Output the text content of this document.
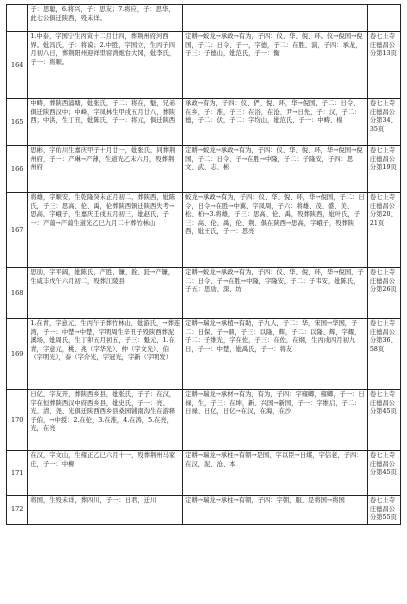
	子：思聪，6.将兴，子：思友；7.将应，子：思华，此七公俱迁陕西，殁未详。		
164	1.中泰，字国宁生丙寅十二月廿四，葬荆州府河西界。妣冯氏，子：将谟；2.中胜，字国立，生丙子四月初八日，葬荆阳州迎祥里窑湾炮台大冈，妣李氏，子一：将顺。	定耕→蛟龙→承政→有为，子四：仪、华、倪、环。仪→倪国→倪国，子二：日令、子一，字德，子二：在胜、演，子四：承龙，子三：子德山，妣范氏，子一：衡	卷七上寺庄德昌公分第13页
165	中畴，葬陕西浦塘，妣张氏，子二：将在，魁，兄弟俱迁陕西汉中；中峰，字凤林生甲戌五月廿八，葬陕西；中洪，生丁丑，妣陈氏，子一：将元，俱迁陕西	承政→有为，子四：仪、俨、倪、环，华→倪国，子二：日令、在乡，子：淮，子三：在浴，在沧、尹→日先，子：汉，子二：德，子二：伏，子二：字均山，妣范氏，子一：中畴、棉	卷七上寺庄德昌公分第34、35页
166	思彬，字佑川生嘉庆甲子十月廿一，妣张氏，同葬荆州府，子一：产琳→产薄，生道光乙未六月，殁葬荆州府	定耕→蛟龙→承政→有为，子四：仪、华、倪、环，华→倪国→倪国，子二：日令、子→在胜→中隆，子二：子隆安，子四：思文、武、志、彬	卷七上寺庄德昌公分第19页
167	将雄，字顺安，生乾隆癸未正月初二，葬陕西，妣陈氏，子三：思高、伦、禹，伦葬陕西镇迁陕西失考→思高，字峨子，生嘉庆壬戌五月初三，妣赵氏，子一：产蔼→产蔼生道光乙巳九月二十葬竹林山	蛟龙→承政→有为，子四：仪、华、倪、环，华→倪国，子二：日令，日令→在胜→中翼，字凤周，子六：将雄、茂、盛、美、松、柏→3.将雄，子三：思高、伦、禹，殁葬陕西，妣叶氏，子三：高、伦、禹，伦、荆、俱在陕西→思高，字峨子，殁葬陕西，妣王氏，子一：思亮	卷七上寺庄德昌公分第20、21页
168	思劢，字平阔，妣陈氏，产胜、镰、銓、鈓→产镰，生咸丰戊午六月初二，殁葬江陵县	定耕→蛟龙→承政→有为，子四：仪、华、倪、环，华→倪国，子二：日令、子→在胜→中隆，字隆安，子二：子韦安，妣陈氏，子五：思劢、深、坊	卷七上寺庄德昌公分第26页
169	1.在青，字意元，生丙午子葬竹林山，妣游氏，→葬连湾，子一：中楚→中楚，字明周生辛丑子殁陕西葬泥溪场，妣周氏，生丁卯五月初五，子三：魁元，1.在青，字意元，桃、兆（字华光）、仲（字文光）、伯（字明光），泰（字介光，字冠光，字新（字明发）	定耕→瑞龙→承植→有助，子九人，子二：华，宋国→华国，子二：日保、子→鼎，子三：以隆、辉，子二：以隆、辉，字耀，子二：子维光，字在佐，子三：在佐，在纲，生丙戌四月初九日，子一：中楚，妣禹氏，子一：将友	卷七上寺庄德昌公分第36、58页
170	日亿，字友开，葬陕西乡县，妣张氏，子子：在汉，字在恒葬陕西汉中府西乡县，妣史氏，子一：亮、光、清、尧、光俱迁陕西西乡县桑园铺南沟生在游释子伯，→中授：2.在伦，3.在淮，4.在涛，5.在亮，光，在亮	定耕→瑞龙→承材→有为，有为，子四：字雍卿，雍卿，子一：日禄，生，子三：在坤，新、兴国→新国，子一：字维启，子二：日禄、日亿，日亿→在汉，在海，在沙	卷七上寺庄德昌公分第45页
171	在汉，字文山，生雍正乙巳六月十一，殁葬荆州马家庄，子一：中柳	定耕→瑞龙→承柱→有朝→是国，字以臣→日煤，字信老，子四：在汉，泥、沧、本	卷七上寺庄德昌公分第45页
172	将国，生殁未详，葬四川，子一：日君，迁川	定耕→瑞龙→承柱→有朝，子四：字朝，服、是将国→将国	卷七上寺庄德昌公分第55页
